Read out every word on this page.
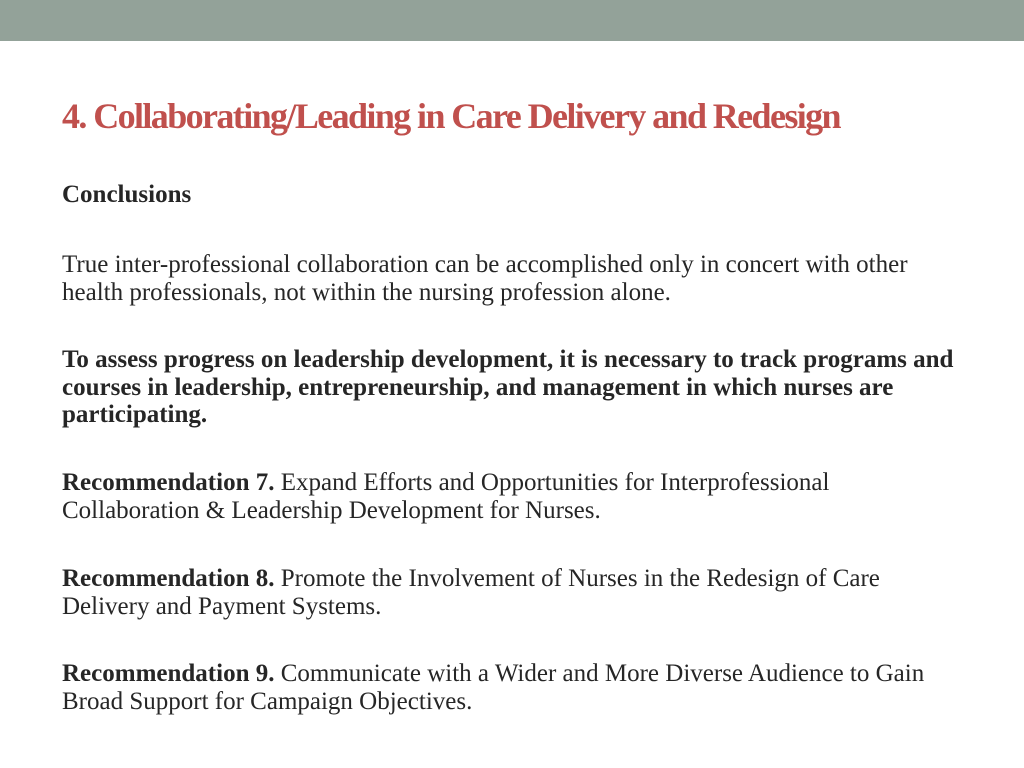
4. Collaborating/Leading in Care Delivery and Redesign

Conclusions

True inter-professional collaboration can be accomplished only in concert with other health professionals, not within the nursing profession alone.

To assess progress on leadership development, it is necessary to track programs and courses in leadership, entrepreneurship, and management in which nurses are participating.

Recommendation 7. Expand Efforts and Opportunities for Interprofessional Collaboration & Leadership Development for Nurses.

Recommendation 8. Promote the Involvement of Nurses in the Redesign of Care Delivery and Payment Systems.

Recommendation 9. Communicate with a Wider and More Diverse Audience to Gain Broad Support for Campaign Objectives.
